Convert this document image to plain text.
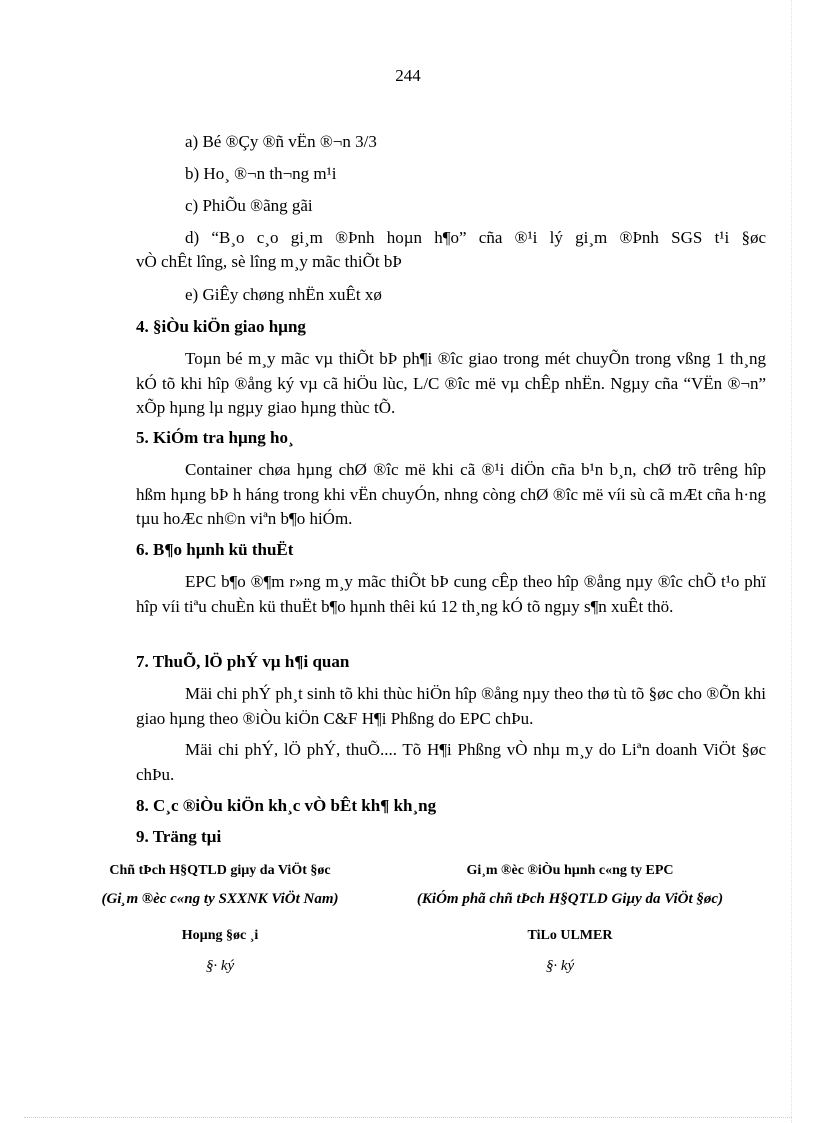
244
a) Bé ®Çy ®ñ vËn ®¬n 3/3
b) Ho¸ ®¬n th¬ng m¹i
c) PhiÕu ®ãng gãi
d) “B¸o c¸o gi¸m ®Þnh hoµn h¶o” cña ®¹i lý gi¸m ®Þnh SGS t¹i §øc
vÒ chÊt lîng, sè lîng m¸y mãc thiÕt bÞ
e) GiÊy chøng nhËn xuÊt xø
4. §iÒu kiÖn giao hµng
Toµn bé m¸y mãc vµ thiÕt bÞ ph¶i ®îc giao trong mét chuyÕn trong vßng 1 th¸ng kÓ tõ khi hîp ®ång ký vµ cã hiÖu lùc, L/C ®îc më vµ chÊp nhËn. Ngµy cña “VËn ®¬n” xÕp hµng lµ ngµy giao hµng thùc tÕ.
5. KiÓm tra hµng ho¸
Container chøa hµng chØ ®îc më khi cã ®¹i diÖn cña b¹n b¸n, chØ trõ trêng hîp hßm hµng bÞ h háng trong khi vËn chuyÓn, nhng còng chØ ®îc më víi sù cã mÆt cña h·ng tµu hoÆc nh©n viªn b¶o hiÓm.
6. B¶o hµnh kü thuËt
EPC b¶o ®¶m r»ng m¸y mãc thiÕt bÞ cung cÊp theo hîp ®ång nµy ®îc chÕ t¹o phï hîp víi tiªu chuÈn kü thuËt b¶o hµnh thêi kú 12 th¸ng kÓ tõ ngµy s¶n xuÊt thö.
7. ThuÕ, lÖ phÝ vµ h¶i quan
Mäi chi phÝ ph¸t sinh tõ khi thùc hiÖn hîp ®ång nµy theo thø tù tõ §øc cho ®Õn khi giao hµng theo ®iÒu kiÖn C&F H¶i Phßng do EPC chÞu.
Mäi chi phÝ, lÖ phÝ, thuÕ.... Tõ H¶i Phßng vÒ nhµ m¸y do Liªn doanh ViÖt §øc chÞu.
8. C¸c ®iÒu kiÖn kh¸c vÒ bÊt kh¶ kh¸ng
9. Träng tµi
Chñ tÞch H§QTLD giµy da ViÖt §øc
(Gi¸m ®èc c«ng ty SXXNK ViÖt Nam)
Hoµng §øc ¸i
§· ký
Gi¸m ®èc ®iÒu hµnh c«ng ty EPC
(KiÓm phã chñ tÞch H§QTLD Giµy da ViÖt §øc)
TiLo ULMER
§· ký
